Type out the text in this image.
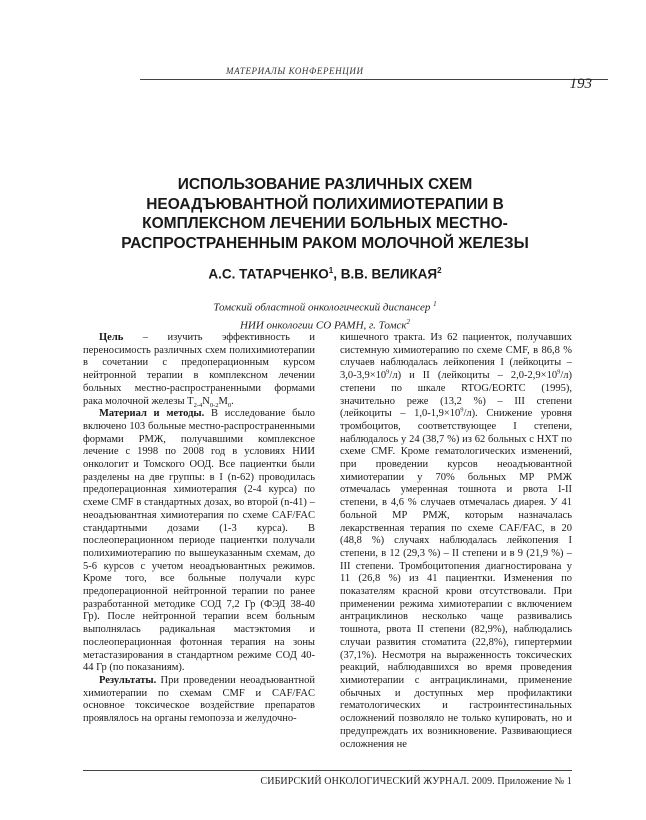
МАТЕРИАЛЫ КОНФЕРЕНЦИИ
193
ИСПОЛЬЗОВАНИЕ РАЗЛИЧНЫХ СХЕМ НЕОАДЪЮВАНТНОЙ ПОЛИХИМИОТЕРАПИИ В КОМПЛЕКСНОМ ЛЕЧЕНИИ БОЛЬНЫХ МЕСТНО-РАСПРОСТРАНЕННЫМ РАКОМ МОЛОЧНОЙ ЖЕЛЕЗЫ
А.С. ТАТАРЧЕНКО$^1$, В.В. ВЕЛИКАЯ$^2$
Томский областной онкологический диспансер $^1$
НИИ онкологии СО РАМН, г. Томск$^2$

Цель – изучить эффективность и переносимость различных схем полихимиотерапии в сочетании с предоперационным курсом нейтронной терапии в комплексном лечении больных местно-распространенными формами рака молочной железы $T_{2-4}N_{0-2}M_0$.

Материал и методы. В исследование было включено 103 больные местно-распространенными формами РМЖ, получавшими комплексное лечение с 1998 по 2008 год в условиях НИИ онкологит и Томского ООД. Все пациентки были разделены на две группы: в I (n-62) проводилась предоперационная химиотерапия (2-4 курса) по схеме CMF в стандартных дозах, во второй (n-41) – неоадъювантная химиотерапия по схеме CAF/FAC стандартными дозами (1-3 курса). В послеоперационном периоде пациентки получали полихимиотерапию по вышеуказанным схемам, до 5-6 курсов с учетом неоадъювантных режимов. Кроме того, все больные получали курс предоперационной нейтронной терапии по ранее разработанной методике СОД 7,2 Гр (ФЭД 38-40 Гр). После нейтронной терапии всем больным выполнялась радикальная мастэктомия и послеоперационная фотонная терапия на зоны метастазирования в стандартном режиме СОД 40-44 Гр (по показаниям).

Результаты. При проведении неоадъювантной химиотерапии по схемам CMF и CAF/FAC основное токсическое воздействие препаратов проявлялось на органы гемопоэза и желудочно-

кишечного тракта. Из 62 пациенток, получавших системную химиотерапию по схеме CMF, в 86,8 % случаев наблюдалась лейкопения I (лейкоциты – $3,0-3,9\times 10^9/л$) и II (лейкоциты – $2,0-2,9\times 10^9/л$) степени по шкале RTOG/EORTC (1995), значительно реже (13,2 %) – III степени (лейкоциты – $1,0-1,9\times 10^9/л$). Снижение уровня тромбоцитов, соответствующее I степени, наблюдалось у 24 (38,7 %) из 62 больных с НХТ по схеме CMF. Кроме гематологических изменений, при проведении курсов неоадъювантной химиотерапии у 70% больных МР РМЖ отмечалась умеренная тошнота и рвота I-II степени, в 4,6 % случаев отмечалась диарея. У 41 больной МР РМЖ, которым назначалась лекарственная терапия по схеме CAF/FAC, в 20 (48,8 %) случаях наблюдалась лейкопения I степени, в 12 (29,3 %) – II степени и в 9 (21,9 %) – III степени. Тромбоцитопения диагностирована у 11 (26,8 %) из 41 пациентки. Изменения по показателям красной крови отсутствовали. При применении режима химиотерапии с включением антрациклинов несколько чаще развивались тошнота, рвота II степени (82,9%), наблюдались случаи развития стоматита (22,8%), гипертермии (37,1%). Несмотря на выраженность токсических реакций, наблюдавшихся во время проведения химиотерапии с антрациклинами, применение обычных и доступных мер профилактики гематологических и гастроинтестинальных осложнений позволяло не только купировать, но и предупреждать их возникновение. Развивающиеся осложнения не

СИБИРСКИЙ ОНКОЛОГИЧЕСКИЙ ЖУРНАЛ. 2009. Приложение № 1
